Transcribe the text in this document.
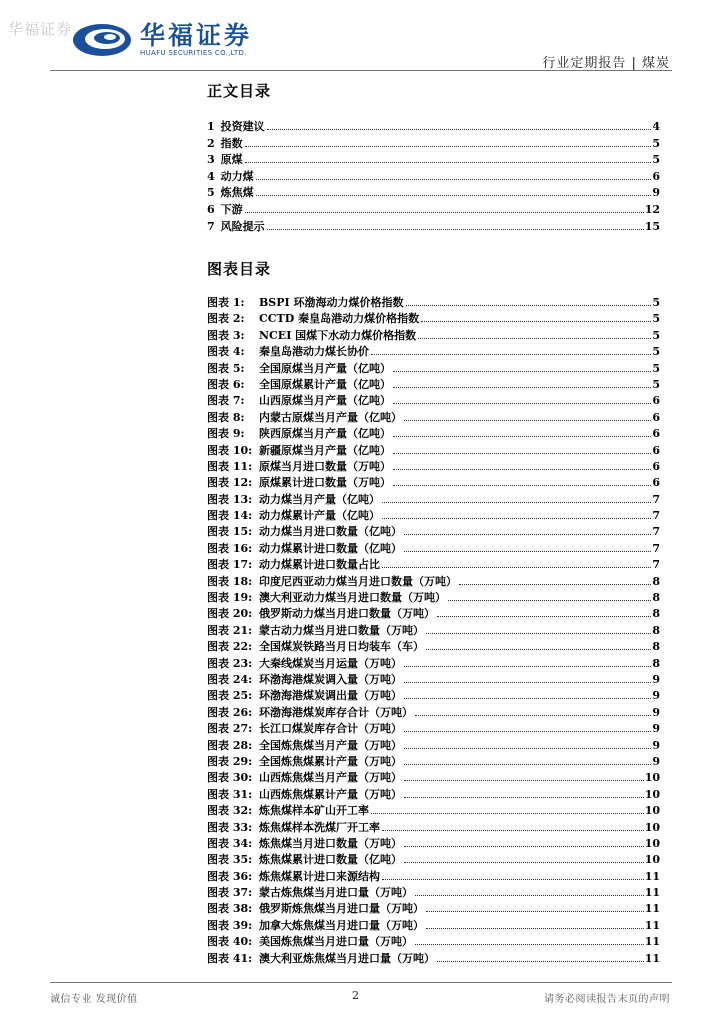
华福证券	华福证券
HUAFU SECURITIES CO.,LTD.
行业定期报告 | 煤炭
正文目录
1 投资建议	4
2 指数	5
3 原煤	5
4 动力煤	6
5 炼焦煤	9
6 下游	12
7 风险提示	15
图表目录
图表 1:	BSPI 环渤海动力煤价格指数	5
图表 2:	CCTD 秦皇岛港动力煤价格指数	5
图表 3:	NCEI 国煤下水动力煤价格指数	5
图表 4:	秦皇岛港动力煤长协价	5
图表 5:	全国原煤当月产量（亿吨）	5
图表 6:	全国原煤累计产量（亿吨）	5
图表 7:	山西原煤当月产量（亿吨）	6
图表 8:	内蒙古原煤当月产量（亿吨）	6
图表 9:	陕西原煤当月产量（亿吨）	6
图表 10: 新疆原煤当月产量（亿吨）	6
图表 11: 原煤当月进口数量（万吨）	6
图表 12: 原煤累计进口数量（万吨）	6
图表 13: 动力煤当月产量（亿吨）	7
图表 14: 动力煤累计产量（亿吨）	7
图表 15: 动力煤当月进口数量（亿吨）	7
图表 16: 动力煤累计进口数量（亿吨）	7
图表 17: 动力煤累计进口数量占比	7
图表 18: 印度尼西亚动力煤当月进口数量（万吨）	8
图表 19: 澳大利亚动力煤当月进口数量（万吨）	8
图表 20: 俄罗斯动力煤当月进口数量（万吨）	8
图表 21: 蒙古动力煤当月进口数量（万吨）	8
图表 22: 全国煤炭铁路当月日均装车（车）	8
图表 23: 大秦线煤炭当月运量（万吨）	8
图表 24: 环渤海港煤炭调入量（万吨）	9
图表 25: 环渤海港煤炭调出量（万吨）	9
图表 26: 环渤海港煤炭库存合计（万吨）	9
图表 27: 长江口煤炭库存合计（万吨）	9
图表 28: 全国炼焦煤当月产量（万吨）	9
图表 29: 全国炼焦煤累计产量（万吨）	9
图表 30: 山西炼焦煤当月产量（万吨）	10
图表 31: 山西炼焦煤累计产量（万吨）	10
图表 32: 炼焦煤样本矿山开工率	10
图表 33: 炼焦煤样本洗煤厂开工率	10
图表 34: 炼焦煤当月进口数量（万吨）	10
图表 35: 炼焦煤累计进口数量（亿吨）	10
图表 36: 炼焦煤累计进口来源结构	11
图表 37: 蒙古炼焦煤当月进口量（万吨）	11
图表 38: 俄罗斯炼焦煤当月进口量（万吨）	11
图表 39: 加拿大炼焦煤当月进口量（万吨）	11
图表 40: 美国炼焦煤当月进口量（万吨）	11
图表 41: 澳大利亚炼焦煤当月进口量（万吨）	11
诚信专业 发现价值	2	请务必阅读报告末页的声明
